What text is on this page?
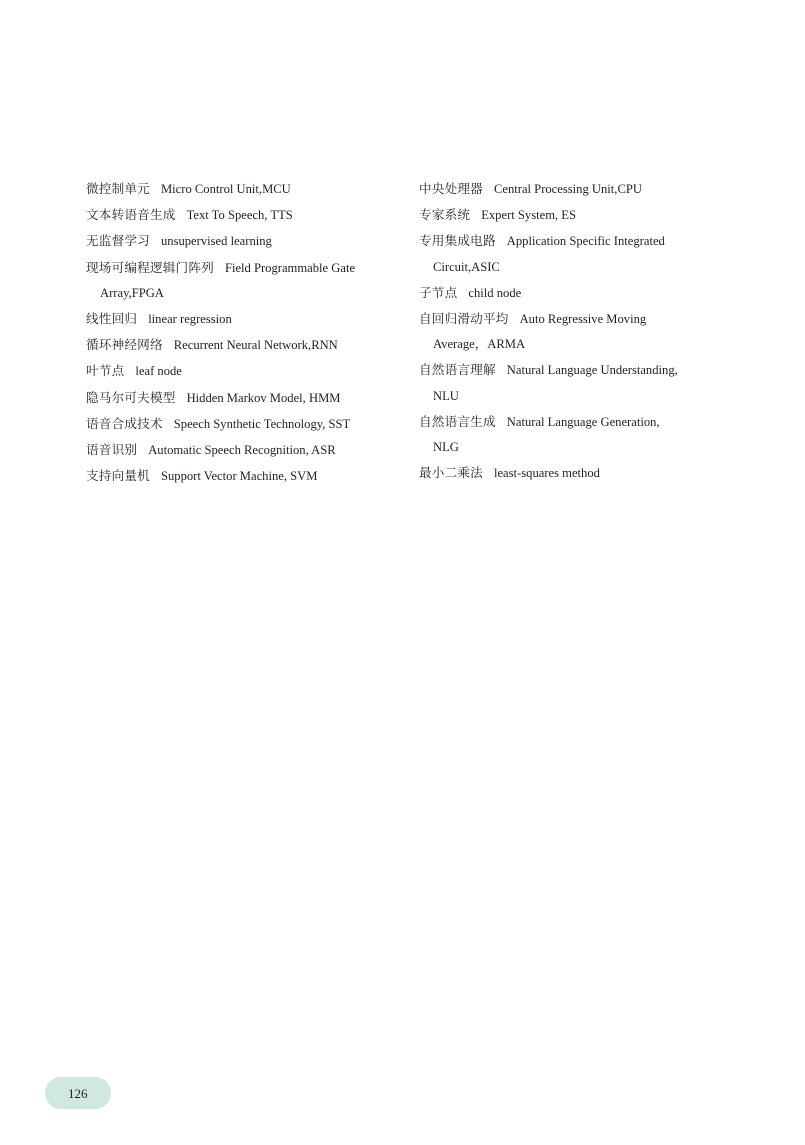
微控制单元 Micro Control Unit,MCU
文本转语音生成 Text To Speech, TTS
无监督学习 unsupervised learning
现场可编程逻辑门阵列 Field Programmable Gate
Array,FPGA
线性回归 linear regression
循环神经网络 Recurrent Neural Network,RNN
叶节点 leaf node
隐马尔可夫模型 Hidden Markov Model, HMM
语音合成技术 Speech Synthetic Technology, SST
语音识别 Automatic Speech Recognition, ASR
支持向量机 Support Vector Machine, SVM
中央处理器 Central Processing Unit,CPU
专家系统 Expert System, ES
专用集成电路 Application Specific Integrated
Circuit,ASIC
子节点 child node
自回归滑动平均 Auto Regressive Moving
Average，ARMA
自然语言理解 Natural Language Understanding,
NLU
自然语言生成 Natural Language Generation,
NLG
最小二乘法 least-squares method
126
